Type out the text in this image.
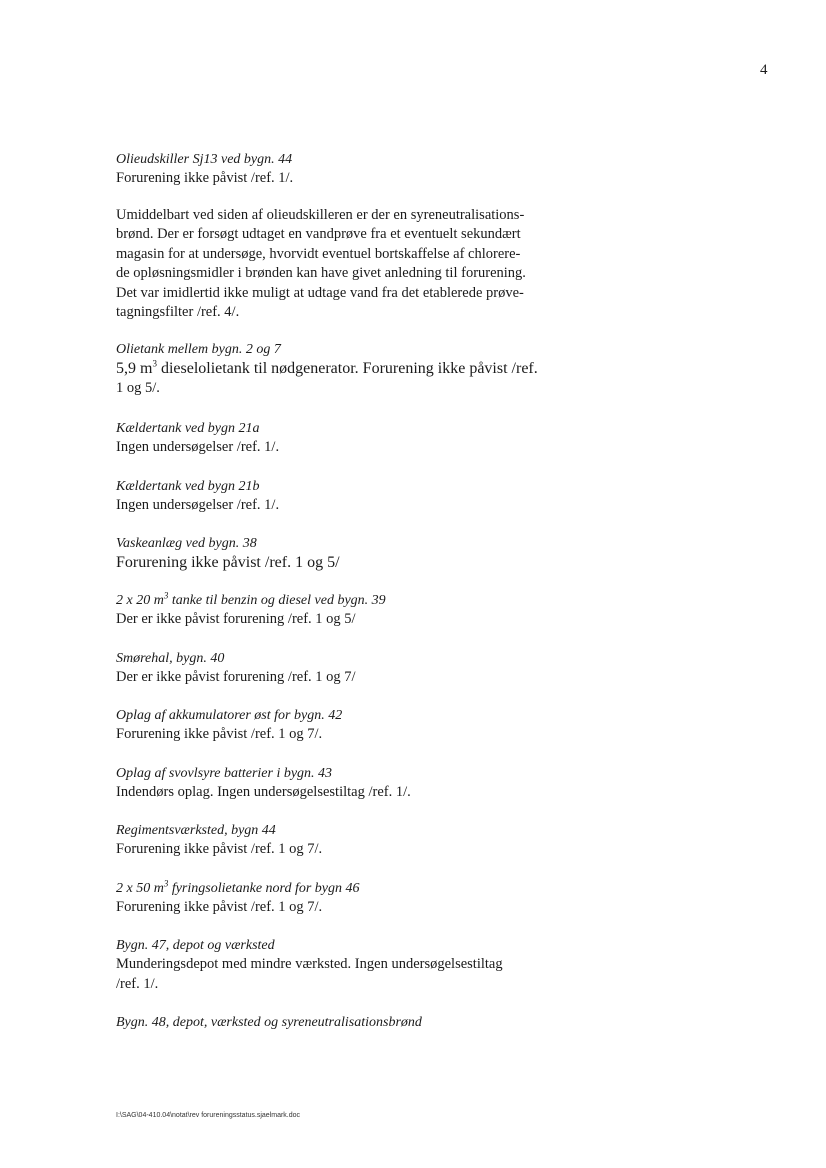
4

Olieudskiller Sj13 ved bygn. 44

Forurening ikke påvist /ref. 1/.

Umiddelbart ved siden af olieudskilleren er der en syreneutralisations-

brønd. Der er forsøgt udtaget en vandprøve fra et eventuelt sekundært

magasin for at undersøge, hvorvidt eventuel bortskaffelse af chlorere-

de opløsningsmidler i brønden kan have givet anledning til forurening.

Det var imidlertid ikke muligt at udtage vand fra det etablerede prøve-

tagningsfilter /ref. 4/.

Olietank mellem bygn. 2 og 7

5,9 $m^3$ dieselolietank til nødgenerator. Forurening ikke påvist /ref.

1 og 5/.

Kældertank ved bygn 21a

Ingen undersøgelser /ref. 1/.

Kældertank ved bygn 21b

Ingen undersøgelser /ref. 1/.

Vaskeanlæg ved bygn. 38

Forurening ikke påvist /ref. 1 og 5/

2 x 20 $m^3$ tanke til benzin og diesel ved bygn. 39

Der er ikke påvist forurening /ref. 1 og 5/

Smørehal, bygn. 40

Der er ikke påvist forurening /ref. 1 og 7/

Oplag af akkumulatorer øst for bygn. 42

Forurening ikke påvist /ref. 1 og 7/.

Oplag af svovlsyre batterier i bygn. 43

Indendørs oplag. Ingen undersøgelsestiltag /ref. 1/.

Regimentsværksted, bygn 44

Forurening ikke påvist /ref. 1 og 7/.

2 x 50 $m^3$ fyringsolietanke nord for bygn 46

Forurening ikke påvist /ref. 1 og 7/.

Bygn. 47, depot og værksted

Munderingsdepot med mindre værksted. Ingen undersøgelsestiltag

/ref. 1/.

Bygn. 48, depot, værksted og syreneutralisationsbrønd

I:\SAG\04-410.04\notat\rev forureningsstatus.sjaelmark.doc
